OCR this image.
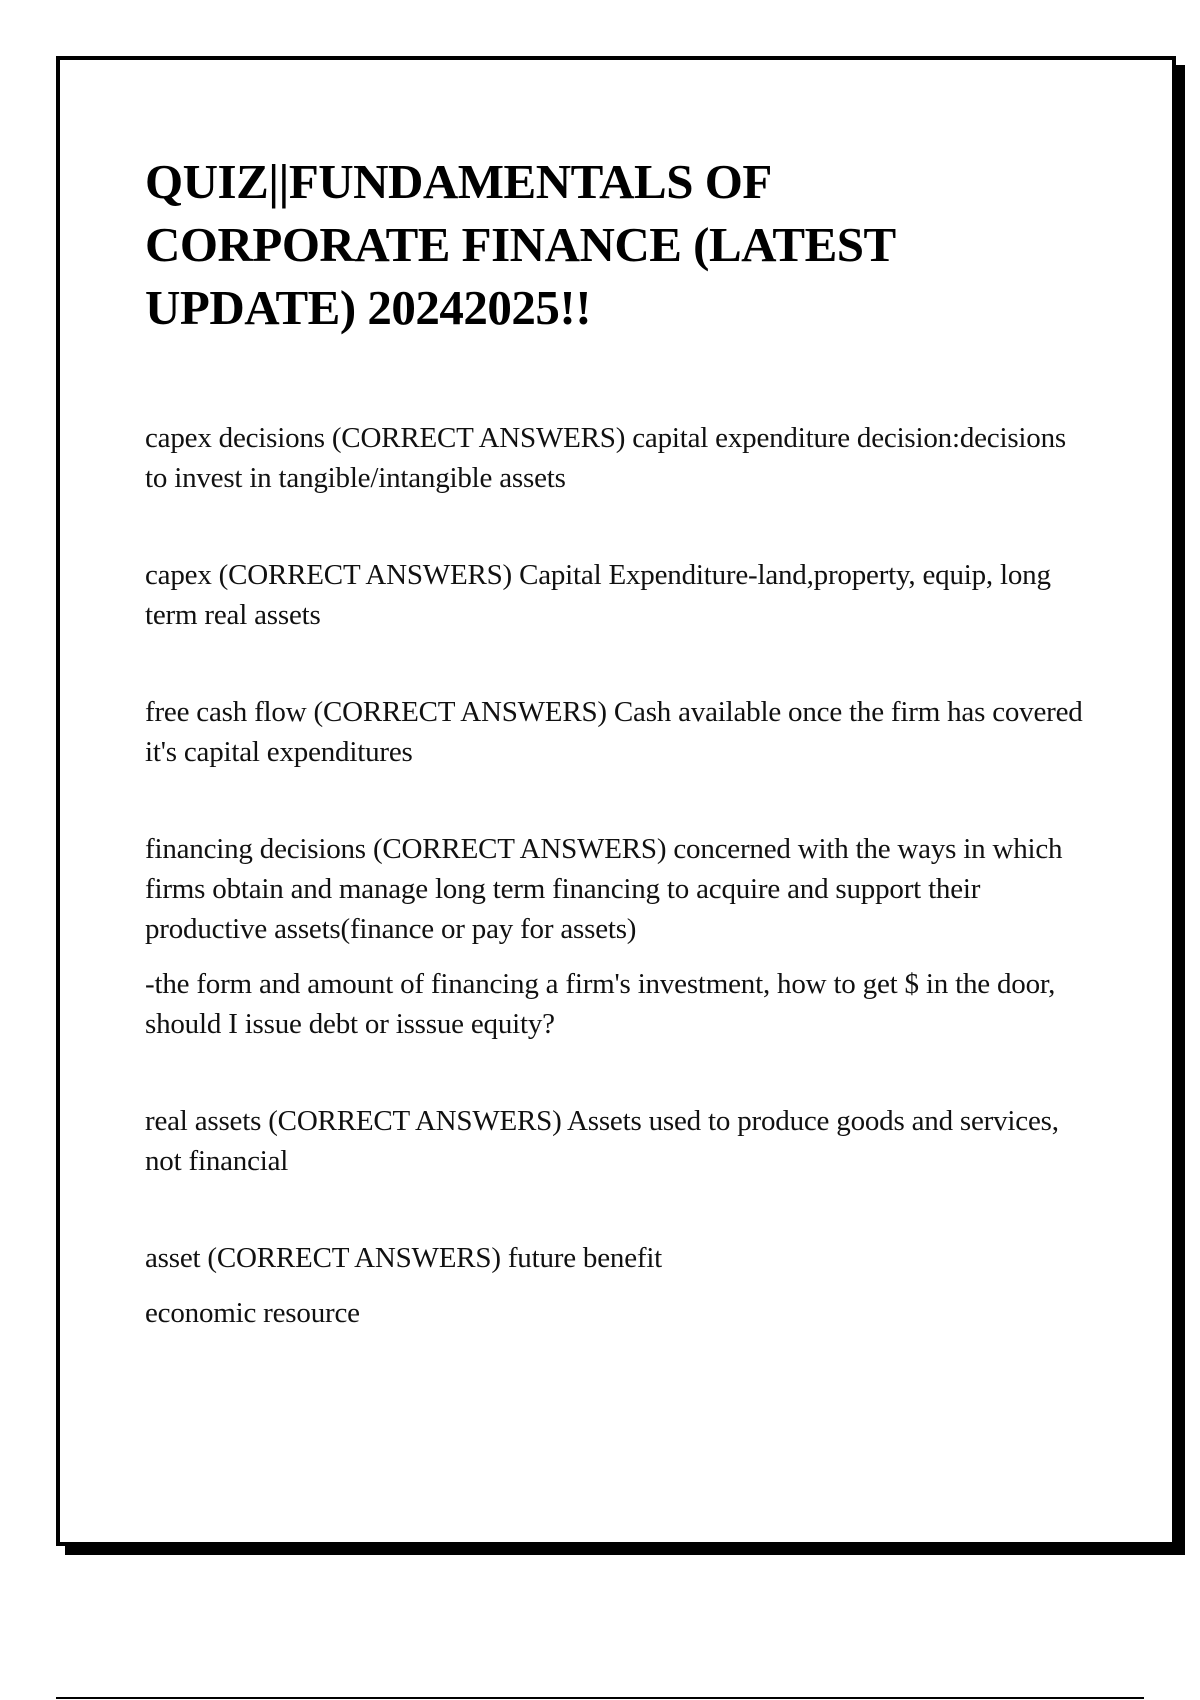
QUIZ||FUNDAMENTALS OF CORPORATE FINANCE (LATEST UPDATE) 20242025!!

capex decisions (CORRECT ANSWERS) capital expenditure decision:decisions to invest in tangible/intangible assets

capex (CORRECT ANSWERS) Capital Expenditure-land,property, equip, long term real assets

free cash flow (CORRECT ANSWERS) Cash available once the firm has covered it's capital expenditures

financing decisions (CORRECT ANSWERS) concerned with the ways in which firms obtain and manage long term financing to acquire and support their productive assets(finance or pay for assets)

-the form and amount of financing a firm's investment, how to get $ in the door, should I issue debt or isssue equity?

real assets (CORRECT ANSWERS) Assets used to produce goods and services, not financial

asset (CORRECT ANSWERS) future benefit

economic resource
